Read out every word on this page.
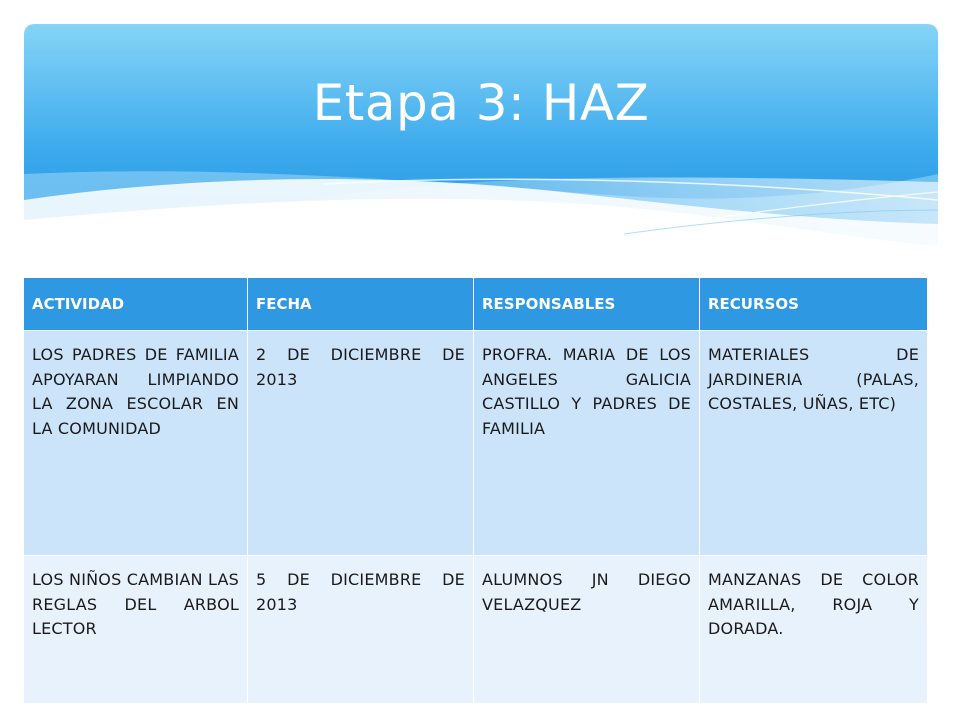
Etapa 3: HAZ
ACTIVIDAD	FECHA	RESPONSABLES	RECURSOS
LOS PADRES DE FAMILIA APOYARAN LIMPIANDO LA ZONA ESCOLAR EN LA COMUNIDAD	2 DE DICIEMBRE DE 2013	PROFRA. MARIA DE LOS ANGELES GALICIA CASTILLO Y PADRES DE FAMILIA	MATERIALES DE JARDINERIA (PALAS, COSTALES, UÑAS, ETC)
LOS NIÑOS CAMBIAN LAS REGLAS DEL ARBOL LECTOR	5 DE DICIEMBRE DE 2013	ALUMNOS JN DIEGO VELAZQUEZ	MANZANAS DE COLOR AMARILLA, ROJA Y DORADA.
